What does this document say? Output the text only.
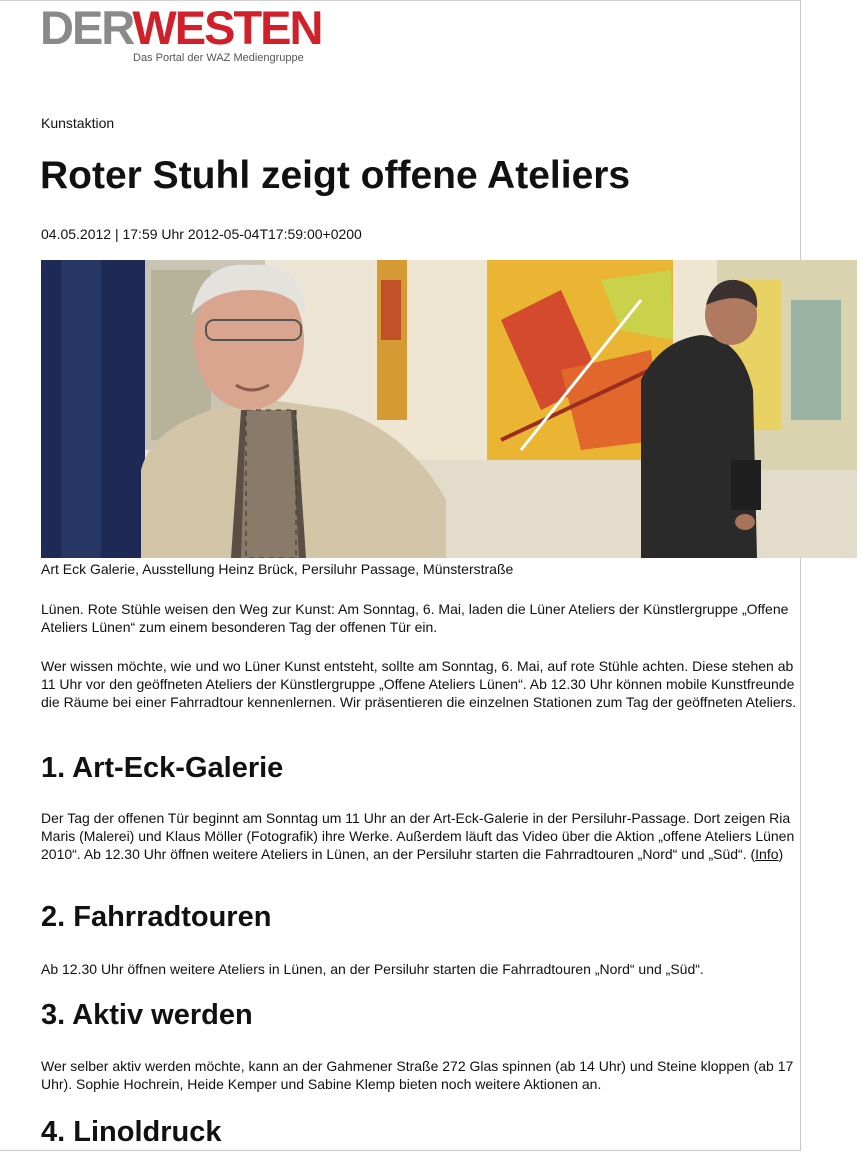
DERWESTEN
Das Portal der WAZ Mediengruppe
Kunstaktion
Roter Stuhl zeigt offene Ateliers
04.05.2012 | 17:59 Uhr 2012-05-04T17:59:00+0200
Art Eck Galerie, Ausstellung Heinz Brück, Persiluhr Passage, Münsterstraße

Lünen. Rote Stühle weisen den Weg zur Kunst: Am Sonntag, 6. Mai, laden die Lüner Ateliers der Künstlergruppe „Offene Ateliers Lünen“ zum einem besonderen Tag der offenen Tür ein.

Wer wissen möchte, wie und wo Lüner Kunst entsteht, sollte am Sonntag, 6. Mai, auf rote Stühle achten. Diese stehen ab 11 Uhr vor den geöffneten Ateliers der Künstlergruppe „Offene Ateliers Lünen“. Ab 12.30 Uhr können mobile Kunstfreunde die Räume bei einer Fahrradtour kennenlernen. Wir präsentieren die einzelnen Stationen zum Tag der geöffneten Ateliers.

1. Art-Eck-Galerie

Der Tag der offenen Tür beginnt am Sonntag um 11 Uhr an der Art-Eck-Galerie in der Persiluhr-Passage. Dort zeigen Ria Maris (Malerei) und Klaus Möller (Fotografik) ihre Werke. Außerdem läuft das Video über die Aktion „offene Ateliers Lünen 2010“. Ab 12.30 Uhr öffnen weitere Ateliers in Lünen, an der Persiluhr starten die Fahrradtouren „Nord“ und „Süd“. (Info)

2. Fahrradtouren

Ab 12.30 Uhr öffnen weitere Ateliers in Lünen, an der Persiluhr starten die Fahrradtouren „Nord“ und „Süd“.

3. Aktiv werden

Wer selber aktiv werden möchte, kann an der Gahmener Straße 272 Glas spinnen (ab 14 Uhr) und Steine kloppen (ab 17 Uhr). Sophie Hochrein, Heide Kemper und Sabine Klemp bieten noch weitere Aktionen an.

4. Linoldruck
